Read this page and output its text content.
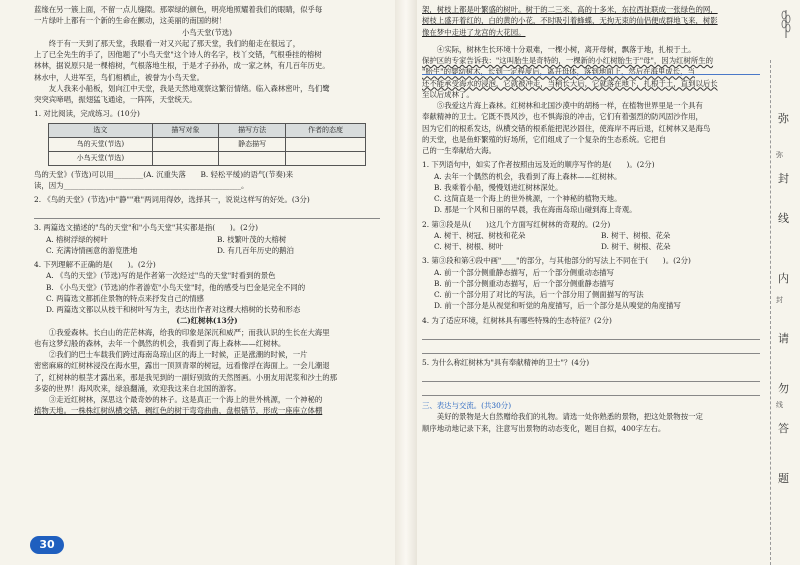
蓝缘在另一簇上面，不留一点儿缝隙。那翠绿的颜色，明亮地照耀着我们的眼睛，似乎每

一片绿叶上都有一个新的生命在颤动，这美丽的南国的树！

小鸟天堂(节选)

终于有一天到了那天堂，我眼看一对又兴起了那天堂，我们的船走在很远了，

上了已全先生的手了，因他题了"小鸟天堂"这个诗人的名字，枝丫交错，气根垂挂的榕树

林林，据说原只是一棵榕树，气根落地生根，于是才子孙孙，成一家之林，有几百年历史。

林水中，人进军至，鸟们相栖止，被誉为小鸟天堂。

友人我来小船板，划向江中天堂，我是天然地观察这繁衍情绪。临入森林密叶，鸟们鹭

突突宾啼唱，振翅猛飞通途，一阵阵，天堂统天。

1. 对比阅读，完成练习。(10分)

选文	描写对象	描写方法	作者的态度
鸟的天堂(节选)		静态描写	
小鸟天堂(节选)			

鸟的天堂》(节选)可以用________(A. 沉重失落　　B. 轻松平缓)的语气(节奏)来

读，因为________________________________________________。

2. 《鸟的天堂》(节选)中"静""难"两词用得妙，选择其一，说说这样写的好处。(3分)

3. 两篇选文描述的"鸟的天堂"和"小鸟天堂"其实都是指(　　)。(2分)

A. 榕树浮绿的树叶	B. 枝繁叶茂的大榕树
C. 充满诗情画意的游览胜地	D. 有几百年历史的鹅泊

4. 下列理解不正确的是(　　)。(2分)

A. 《鸟的天堂》(节选)写的是作者第一次经过"鸟的天堂"时看到的景色

B. 《小鸟天堂》(节选)的作者游览"小鸟天堂"时，他的感受与巴金是完全不同的

C. 两篇选文都抓住景物的特点来抒发自己的情感

D. 两篇选文都以从枝干和树叶写为主，表达出作者对这棵大榕树的长势和形态

(二)红树林(13分)

①我爱森林。长白山的茫茫林海，给我的印象是深沉和威严；而我认识的生长在大海里

也有这梦幻般的森林，去年一个偶然的机会，我看到了海上森林——红树林。

②我们的巴士车载我们跨过海南岛琼山区的海上一时候，正是涨潮的时候，一片

密密麻麻的红树林浸没在海水里，露出一顶顶青翠的树冠，远看像浮在海面上。一会儿潮退

了，红树林的根茎才露出来，那是我见到的一副好别致的天然图画。小朋友用泥浆和沙土的那

多姿的世界！海风吹来，绿浪翻涌，欢迎我这来自北国的游客。

③走近红树林，深思这个最奇妙的林子。这是真正一个海上的世外桃源，一个神秘的

植物天地。一株株红树纵横交错，稠红色的树干弯弯曲曲，盘根错节，形成一座座立体棚

30

架，树枝上都是叶繁盛的树叶。树干的二三米，高的十多米，东拉西扯联成一张绿色的网，

树枝上盛开着红的，白的黄的小花，不时吸引着蜂蝶，无拘无束的仙侣便成群地飞来，树影

像在梦中走进了龙宫的大花园。

④实际，树林生长环境十分艰难，一棵小树，离开母树，飘落于地，扎根于土。

保护区的专家告诉我："这叫胎生是奇特的，一棵新的小红树胎生于"母"，因为红树所生的

"胎生"的婴幼树木，长到一定程度后，离开母体，落到地面上，然后在海里成长，当

还不能承受海水的浸泡，它就被冲走，当稍长大后，它就落在地下，扎根于土，直到以后长

至以后成林了。

⑤我爱这片海上森林。红树林和北国沙漠中的胡杨一样，在植物世界里是一个具有

奉献精神的卫士。它既不畏风沙，也不惧海浪的冲击，它们有着强烈的防风固沙作用，

因为它们的根系发达，纵横交错的根系能把泥沙固住，使海岸不再后退，红树林又是海鸟

的天堂，也是鱼虾繁殖的好场所，它们组成了一个复杂的生态系统。它把自

己的一生奉献给大海。

1. 下列语句中，如实了作者按照由远及近的顺序写作的是(　　)。(2分)

A. 去年一个偶然的机会，我看到了海上森林——红树林。

B. 我乘着小船，慢慢划进红树林深处。

C. 这简直是一个海上的世外桃源，一个神秘的植物天地。

D. 那是一个风和日丽的早晨，我在海南岛琼山碰到海上奇观。

2. 第③段是从(　　)这几个方面写红树林的奇观的。(2分)

A. 树干、树冠、树枝和花朵	B. 树干、树根、花朵
C. 树干、树根、树叶	D. 树干、树根、花朵

3. 第③段和第④段中画"____"的部分，与其他部分的写法上不同在于(　　)。(2分)

A. 前一个部分侧重静态描写，后一个部分侧重动态描写

B. 前一个部分侧重动态描写，后一个部分侧重静态描写

C. 前一个部分用了对比的写法，后一个部分用了侧面描写的写法

D. 前一个部分是从视觉和听觉的角度描写，后一个部分是从嗅觉的角度描写

4. 为了适应环境，红树林具有哪些特殊的生态特征？(2分)

5. 为什么称红树林为"具有奉献精神的卫士"？(4分)

三、表达与交流。(共30分)

美好的景物是大自然赠给我们的礼物。请选一处你熟悉的景物，把这处景物按一定

顺序地动地记录下来，注意写出景物的动态变化，题目自拟，400字左右。

弥
弥
封
线
内
封
请
勿
线
答
题
